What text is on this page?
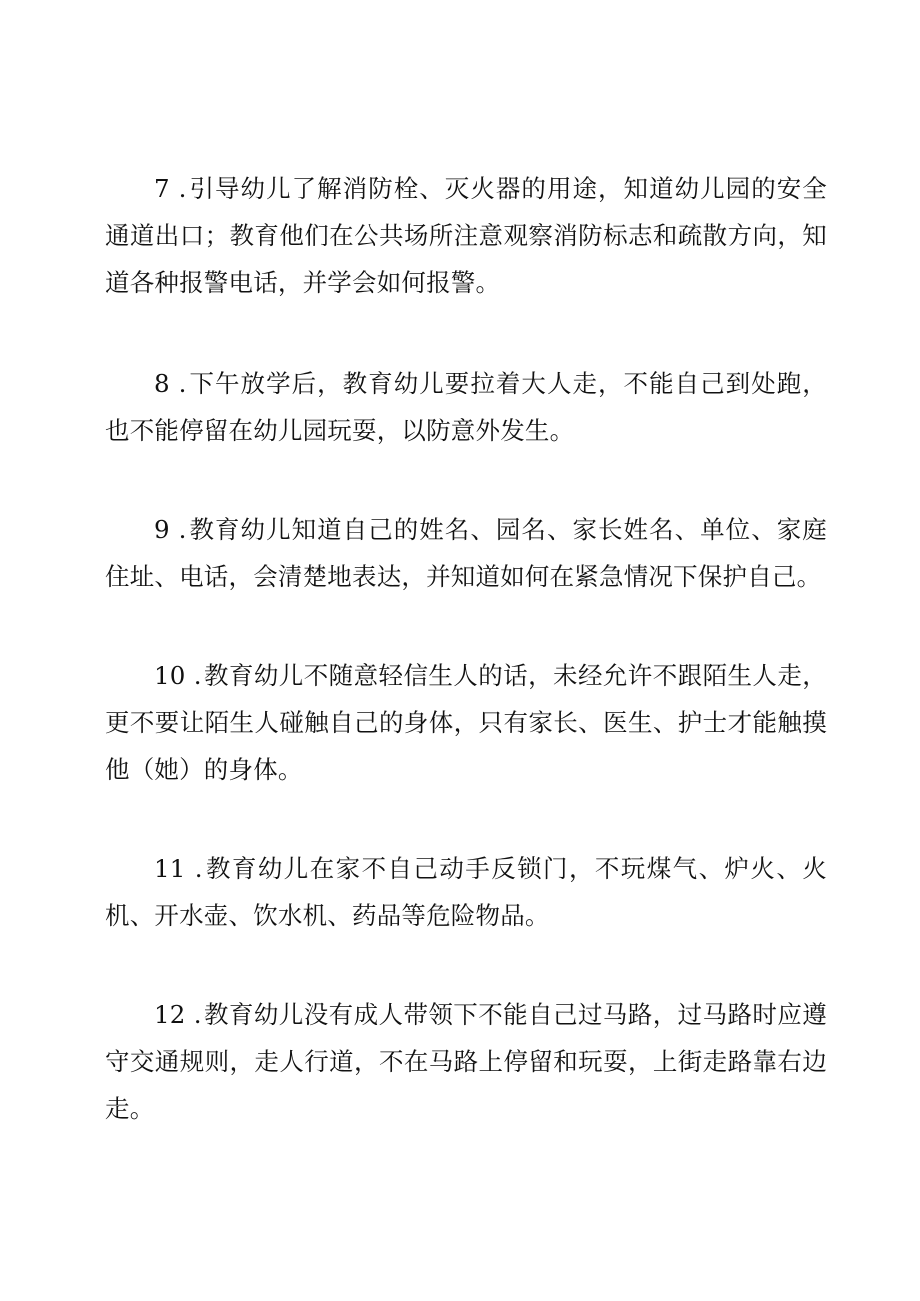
7 .引导幼儿了解消防栓、灭火器的用途，知道幼儿园的安全通道出口；教育他们在公共场所注意观察消防标志和疏散方向，知道各种报警电话，并学会如何报警。

8 .下午放学后，教育幼儿要拉着大人走，不能自己到处跑，也不能停留在幼儿园玩耍，以防意外发生。

9 .教育幼儿知道自己的姓名、园名、家长姓名、单位、家庭住址、电话，会清楚地表达，并知道如何在紧急情况下保护自己。

10 .教育幼儿不随意轻信生人的话，未经允许不跟陌生人走，更不要让陌生人碰触自己的身体，只有家长、医生、护士才能触摸他（她）的身体。

11 .教育幼儿在家不自己动手反锁门，不玩煤气、炉火、火机、开水壶、饮水机、药品等危险物品。

12 .教育幼儿没有成人带领下不能自己过马路，过马路时应遵守交通规则，走人行道，不在马路上停留和玩耍，上街走路靠右边走。
